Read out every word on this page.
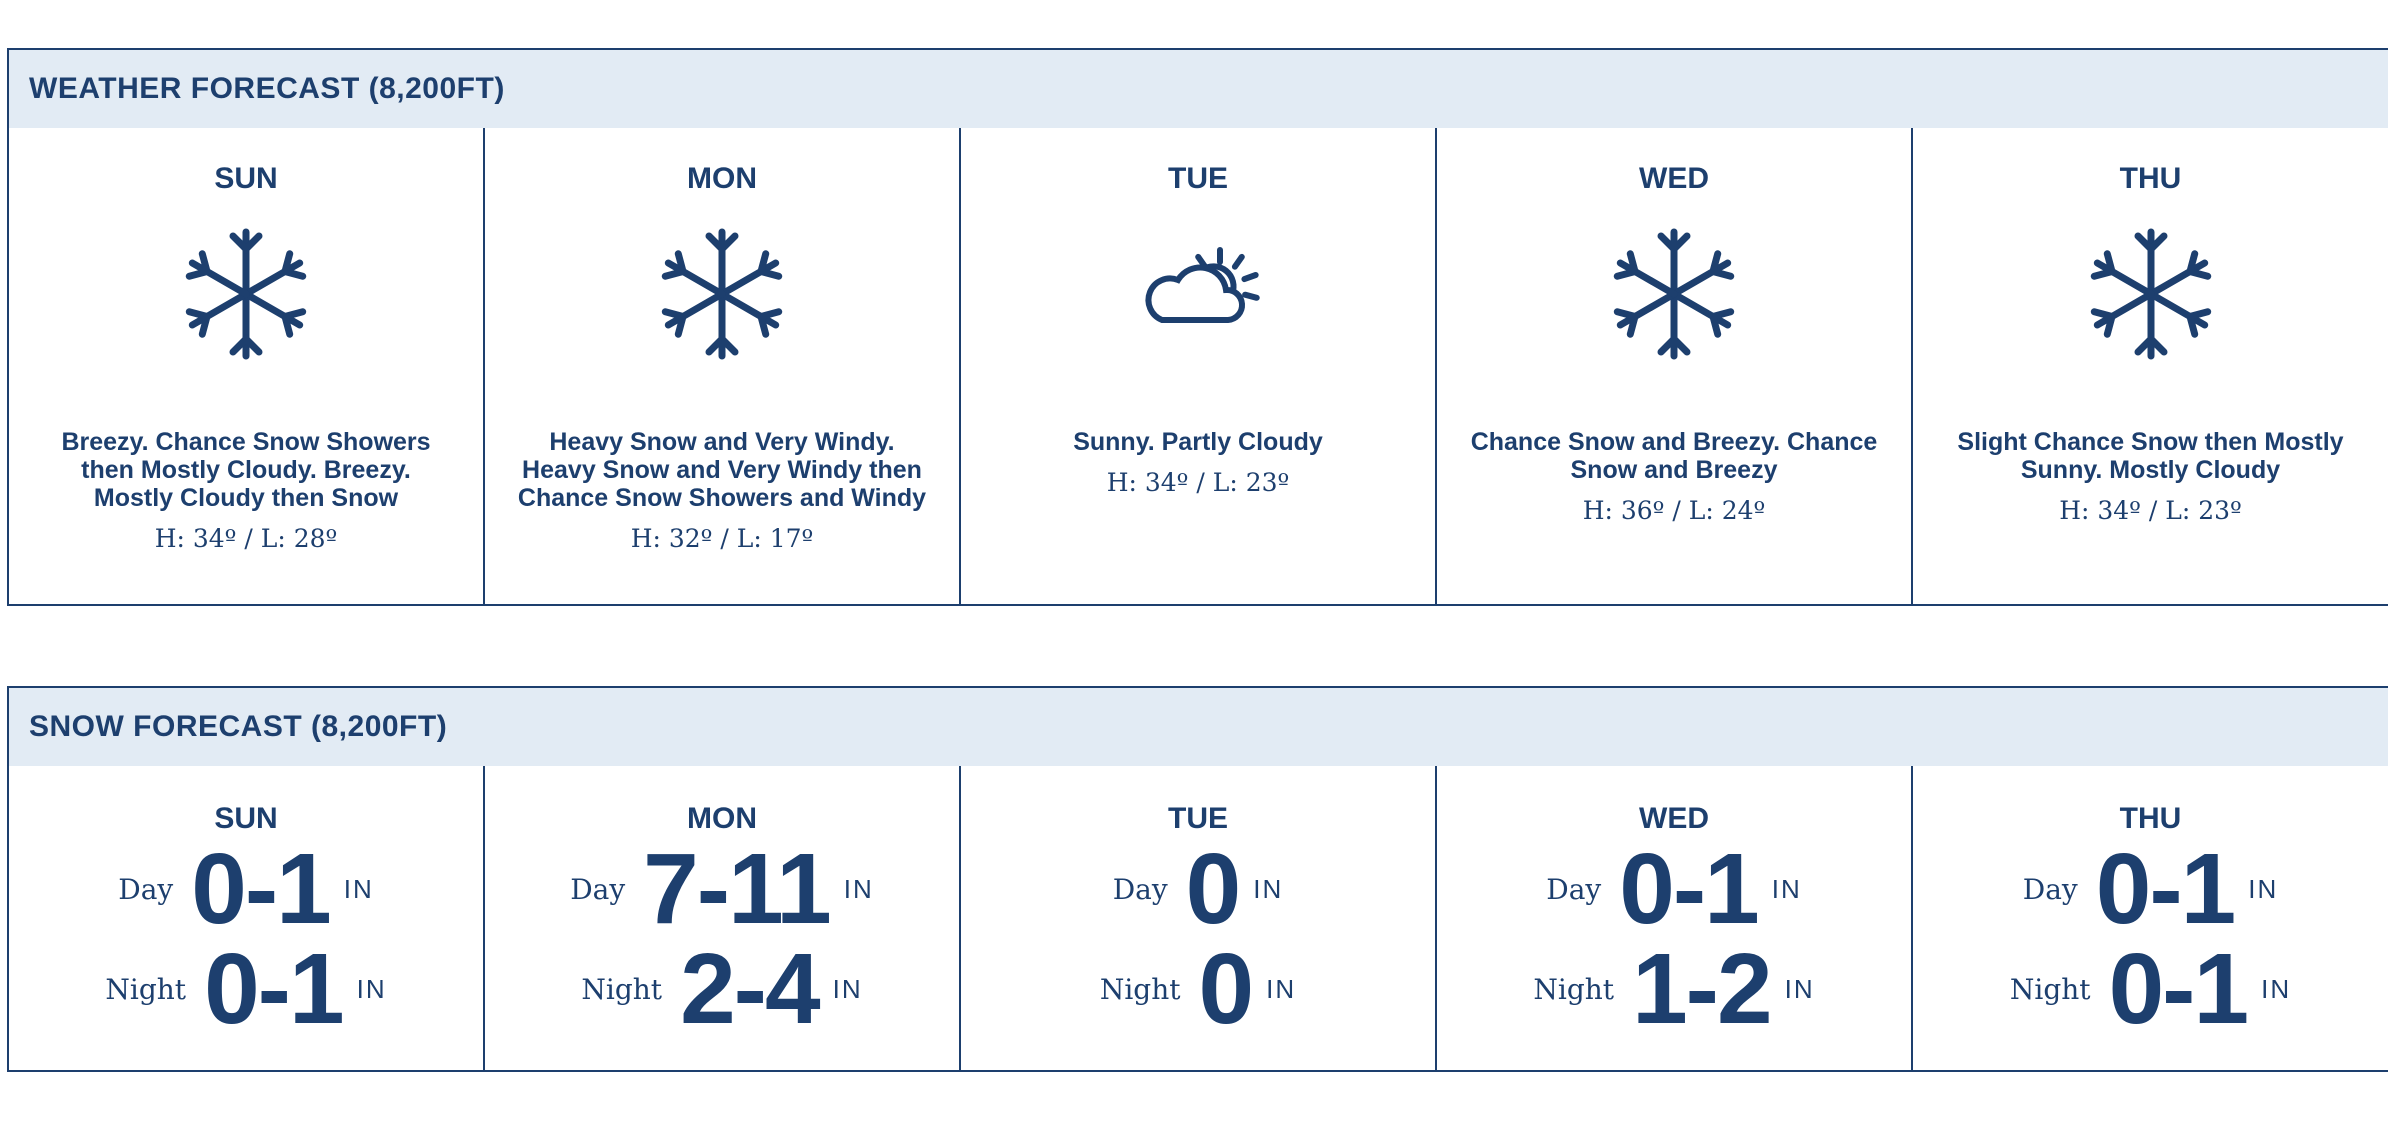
WEATHER FORECAST (8,200FT)
SUN
Breezy. Chance Snow Showers then Mostly Cloudy. Breezy. Mostly Cloudy then Snow
H: 34º / L: 28º
MON
Heavy Snow and Very Windy. Heavy Snow and Very Windy then Chance Snow Showers and Windy
H: 32º / L: 17º
TUE
Sunny. Partly Cloudy
H: 34º / L: 23º
WED
Chance Snow and Breezy. Chance Snow and Breezy
H: 36º / L: 24º
THU
Slight Chance Snow then Mostly Sunny. Mostly Cloudy
H: 34º / L: 23º
SNOW FORECAST (8,200FT)
SUN
Day 0-1 IN
Night 0-1 IN
MON
Day 7-11 IN
Night 2-4 IN
TUE
Day 0 IN
Night 0 IN
WED
Day 0-1 IN
Night 1-2 IN
THU
Day 0-1 IN
Night 0-1 IN
